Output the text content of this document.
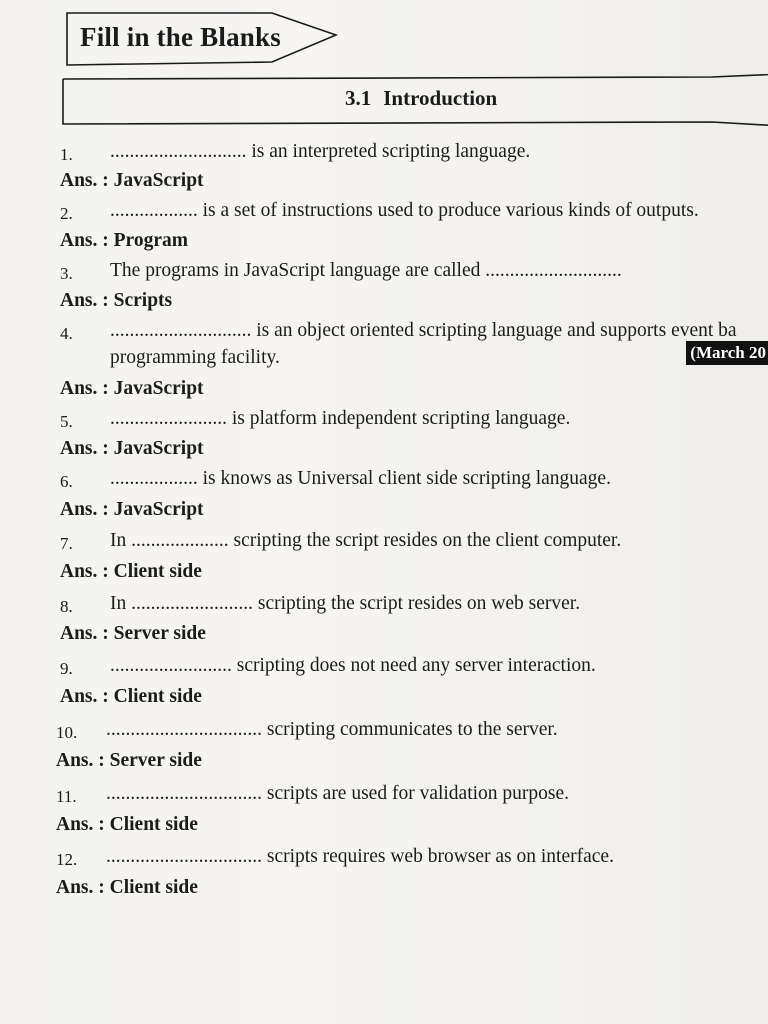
Fill in the Blanks
3.1 Introduction
1. ............................ is an interpreted scripting language.
Ans. : JavaScript
2. .................. is a set of instructions used to produce various kinds of outputs.
Ans. : Program
3. The programs in JavaScript language are called ............................
Ans. : Scripts
4. ............................. is an object oriented scripting language and supports event ba
programming facility.	(March 20
Ans. : JavaScript
5. ........................ is platform independent scripting language.
Ans. : JavaScript
6. .................. is knows as Universal client side scripting language.
Ans. : JavaScript
7. In .................... scripting the script resides on the client computer.
Ans. : Client side
8. In ......................... scripting the script resides on web server.
Ans. : Server side
9. ......................... scripting does not need any server interaction.
Ans. : Client side
10. ................................ scripting communicates to the server.
Ans. : Server side
11. ................................ scripts are used for validation purpose.
Ans. : Client side
12. ................................ scripts requires web browser as on interface.
Ans. : Client side
